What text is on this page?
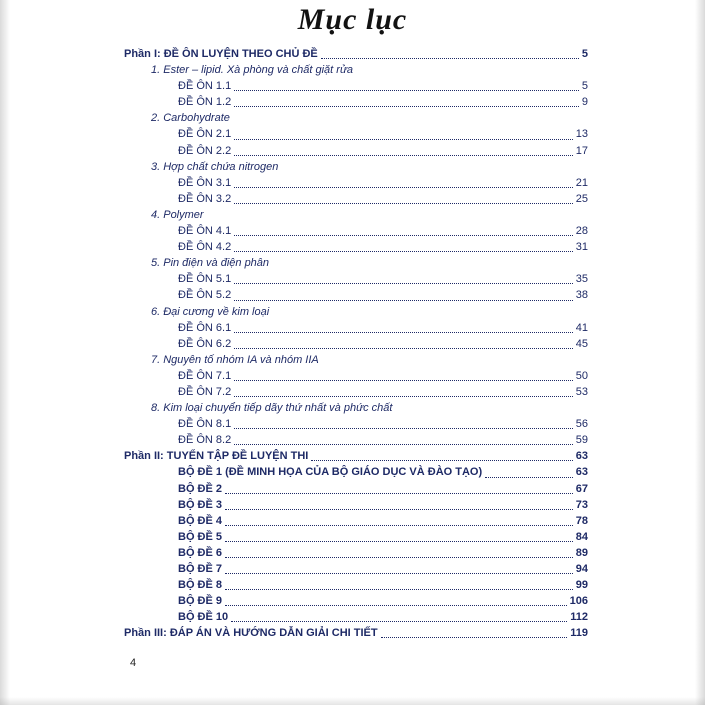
Mục lục
Phần I: ĐỀ ÔN LUYỆN THEO CHỦ ĐỀ	5
1. Ester – lipid. Xà phòng và chất giặt rửa
ĐỀ ÔN 1.1	5
ĐỀ ÔN 1.2	9
2. Carbohydrate
ĐỀ ÔN 2.1	13
ĐỀ ÔN 2.2	17
3. Hợp chất chứa nitrogen
ĐỀ ÔN 3.1	21
ĐỀ ÔN 3.2	25
4. Polymer
ĐỀ ÔN 4.1	28
ĐỀ ÔN 4.2	31
5. Pin điện và điện phân
ĐỀ ÔN 5.1	35
ĐỀ ÔN 5.2	38
6. Đại cương về kim loại
ĐỀ ÔN 6.1	41
ĐỀ ÔN 6.2	45
7. Nguyên tố nhóm IA và nhóm IIA
ĐỀ ÔN 7.1	50
ĐỀ ÔN 7.2	53
8. Kim loại chuyển tiếp dãy thứ nhất và phức chất
ĐỀ ÔN 8.1	56
ĐỀ ÔN 8.2	59
Phần II: TUYỂN TẬP ĐỀ LUYỆN THI	63
BỘ ĐỀ 1 (ĐỀ MINH HỌA CỦA BỘ GIÁO DỤC VÀ ĐÀO TẠO)	63
BỘ ĐỀ 2	67
BỘ ĐỀ 3	73
BỘ ĐỀ 4	78
BỘ ĐỀ 5	84
BỘ ĐỀ 6	89
BỘ ĐỀ 7	94
BỘ ĐỀ 8	99
BỘ ĐỀ 9	106
BỘ ĐỀ 10	112
Phần III: ĐÁP ÁN VÀ HƯỚNG DẪN GIẢI CHI TIẾT	119
4
